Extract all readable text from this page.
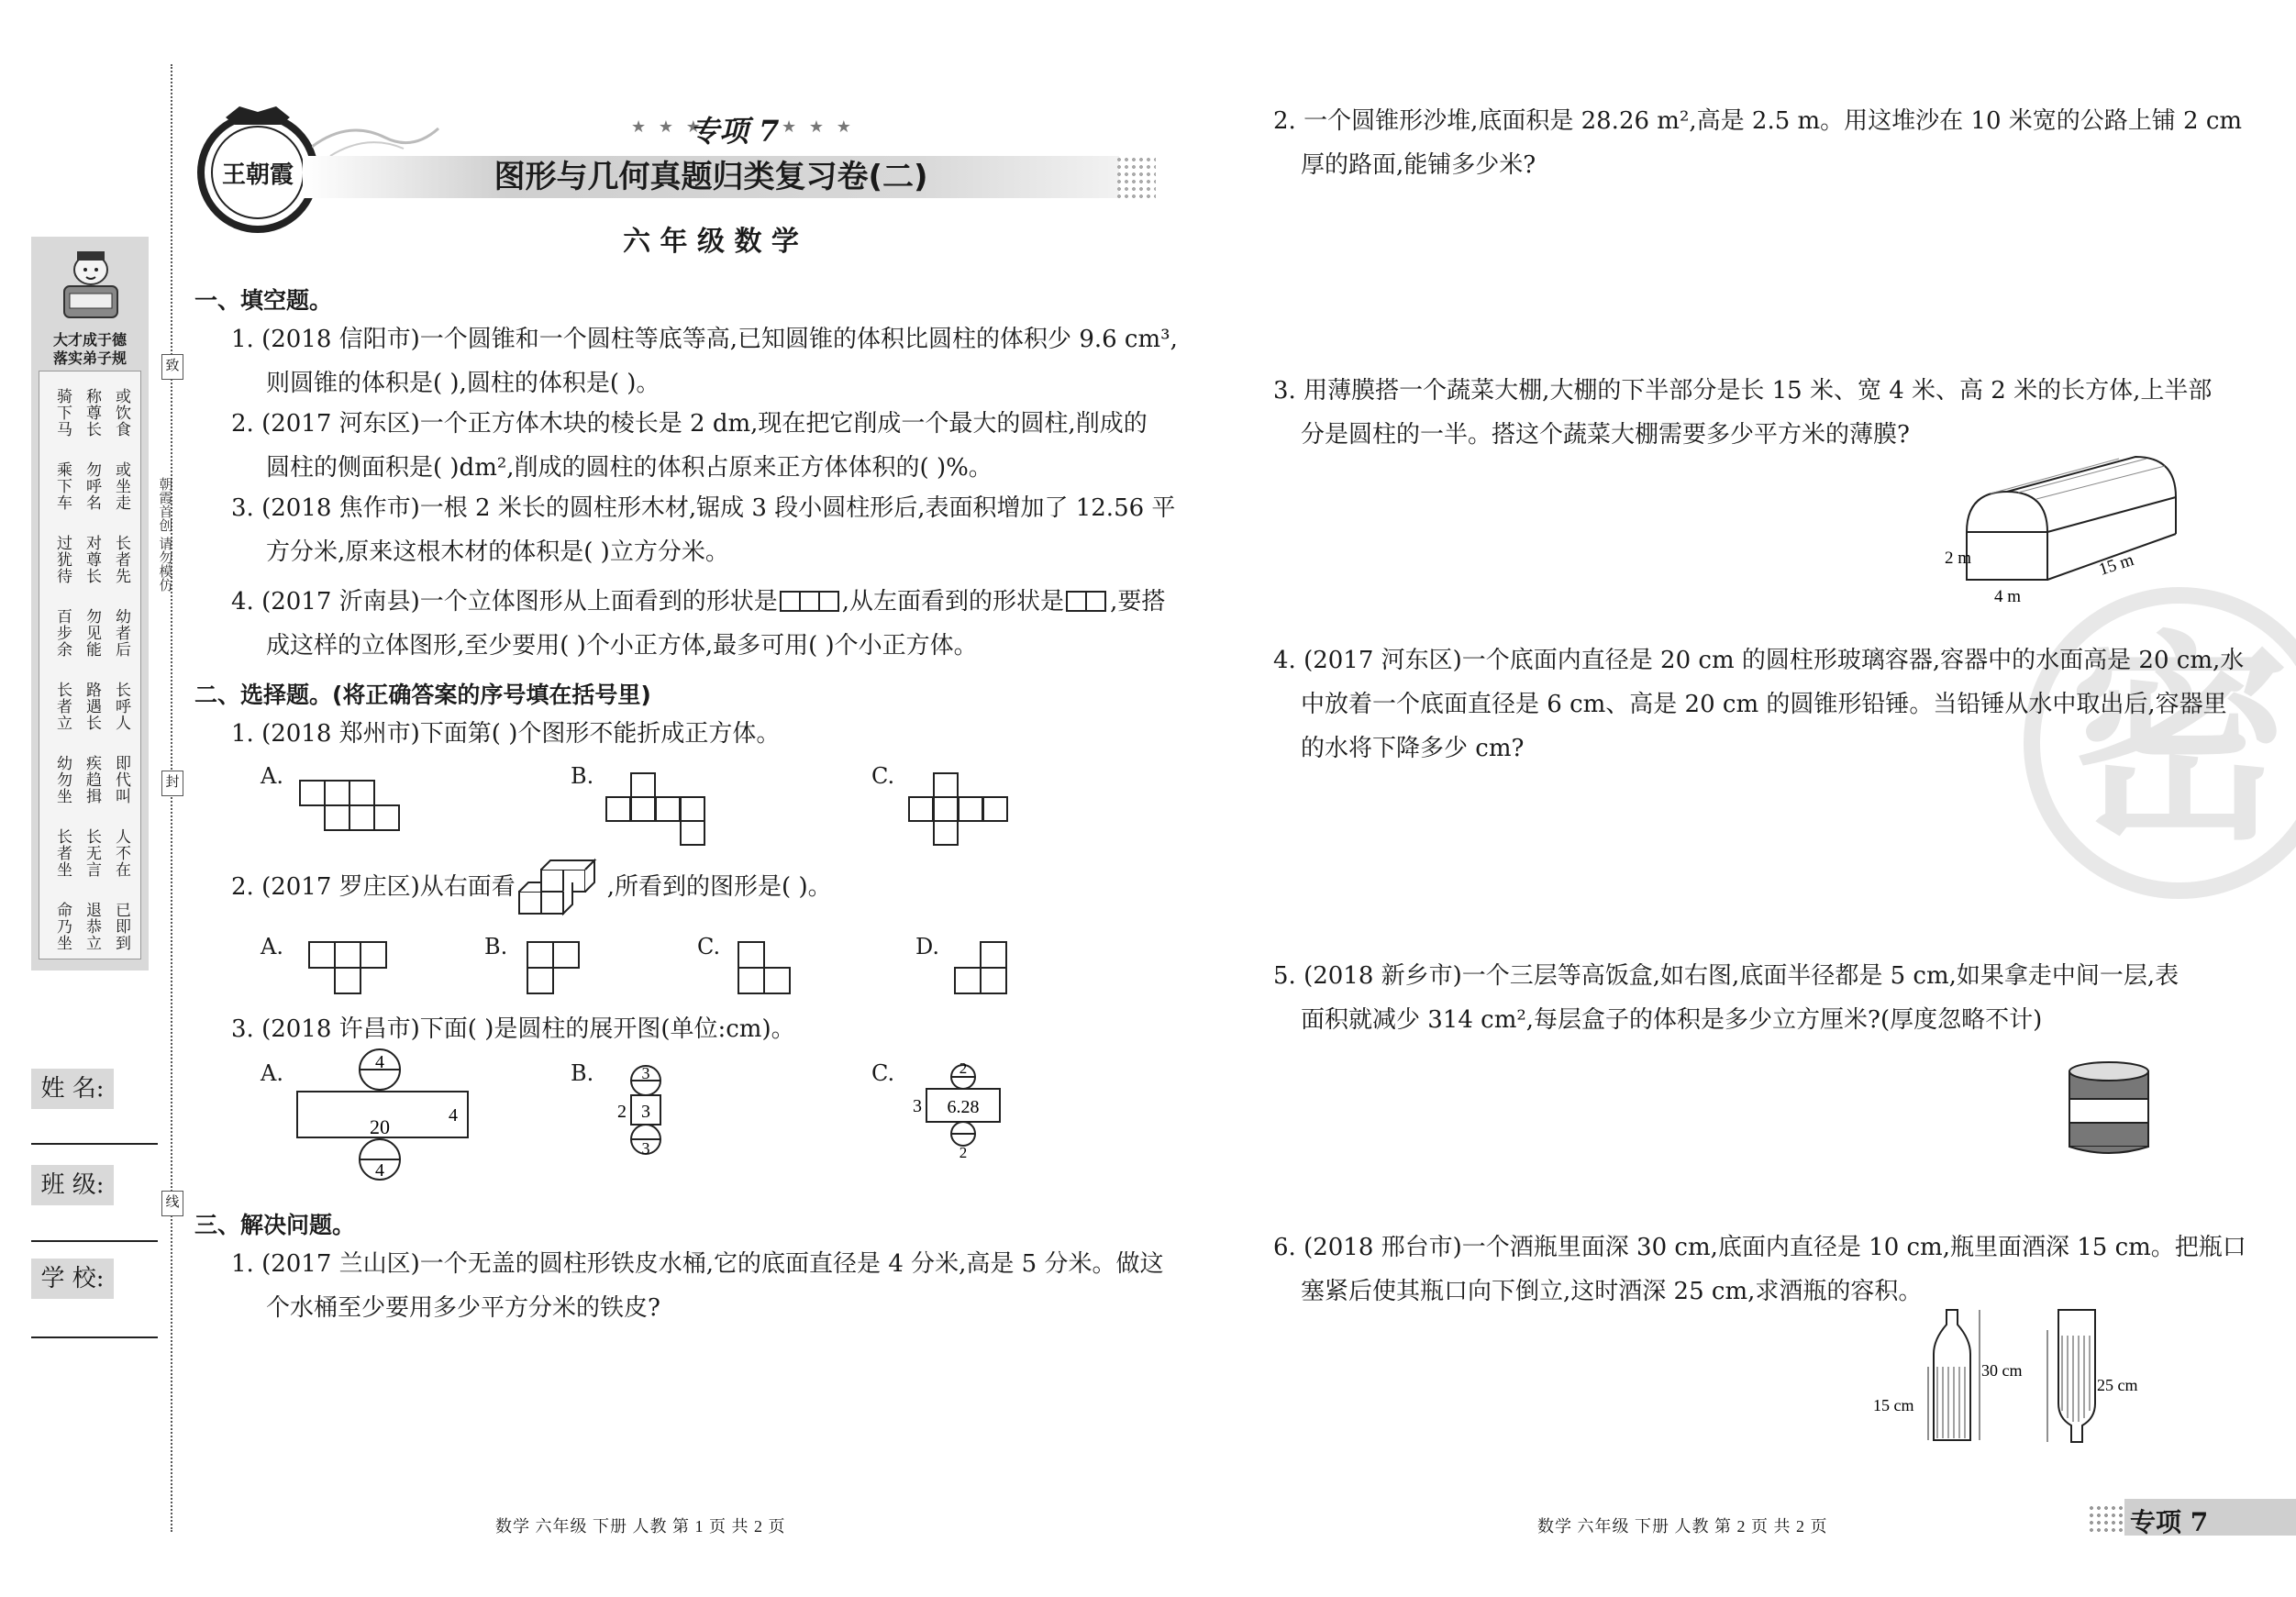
大才成于德
落实弟子规
骑下马 称尊长 或饮食
乘下车 勿呼名 或坐走
过犹待 对尊长 长者先
百步余 勿见能 幼者后
长者立 路遇长 长呼人
幼勿坐 疾趋揖 即代叫
长者坐 长无言 人不在
命乃坐 退恭立 已即到
致
朝霞首创 请勿模仿
封
线
姓 名:
班 级:
学 校:
王朝霞
★ ★ ★
专项 7 ★ ★ ★
图形与几何真题归类复习卷(二)
六 年 级 数 学
一、填空题。
1. (2018 信阳市)一个圆锥和一个圆柱等底等高,已知圆锥的体积比圆柱的体积少 9.6 cm³,
则圆锥的体积是( ),圆柱的体积是( )。
2. (2017 河东区)一个正方体木块的棱长是 2 dm,现在把它削成一个最大的圆柱,削成的
圆柱的侧面积是( )dm²,削成的圆柱的体积占原来正方体体积的( )%。
3. (2018 焦作市)一根 2 米长的圆柱形木材,锯成 3 段小圆柱形后,表面积增加了 12.56 平
方分米,原来这根木材的体积是( )立方分米。
4. (2017 沂南县)一个立体图形从上面看到的形状是	,从左面看到的形状是 ,要搭
成这样的立体图形,至少要用( )个小正方体,最多可用( )个小正方体。
二、选择题。(将正确答案的序号填在括号里)
1. (2018 郑州市)下面第( )个图形不能折成正方体。
A.	B.	C.
2. (2017 罗庄区)从右面看	,所看到的图形是( )。
A.	B.	C.	D.
3. (2018 许昌市)下面( )是圆柱的展开图(单位:cm)。
A.	4
20	4
4
B.	3
3
2
3
C.	2
6.28
3
2
三、解决问题。
1. (2017 兰山区)一个无盖的圆柱形铁皮水桶,它的底面直径是 4 分米,高是 5 分米。做这
个水桶至少要用多少平方分米的铁皮?
数学 六年级 下册 人教 第 1 页 共 2 页
密
2. 一个圆锥形沙堆,底面积是 28.26 m²,高是 2.5 m。用这堆沙在 10 米宽的公路上铺 2 cm
厚的路面,能铺多少米?
3. 用薄膜搭一个蔬菜大棚,大棚的下半部分是长 15 米、宽 4 米、高 2 米的长方体,上半部
分是圆柱的一半。搭这个蔬菜大棚需要多少平方米的薄膜?
2 m
4 m
15 m
4. (2017 河东区)一个底面内直径是 20 cm 的圆柱形玻璃容器,容器中的水面高是 20 cm,水
中放着一个底面直径是 6 cm、高是 20 cm 的圆锥形铅锤。当铅锤从水中取出后,容器里
的水将下降多少 cm?
5. (2018 新乡市)一个三层等高饭盒,如右图,底面半径都是 5 cm,如果拿走中间一层,表
面积就减少 314 cm²,每层盒子的体积是多少立方厘米?(厚度忽略不计)
6. (2018 邢台市)一个酒瓶里面深 30 cm,底面内直径是 10 cm,瓶里面酒深 15 cm。把瓶口
塞紧后使其瓶口向下倒立,这时酒深 25 cm,求酒瓶的容积。
15 cm
30 cm
25 cm
数学 六年级 下册 人教 第 2 页 共 2 页	专项 7
